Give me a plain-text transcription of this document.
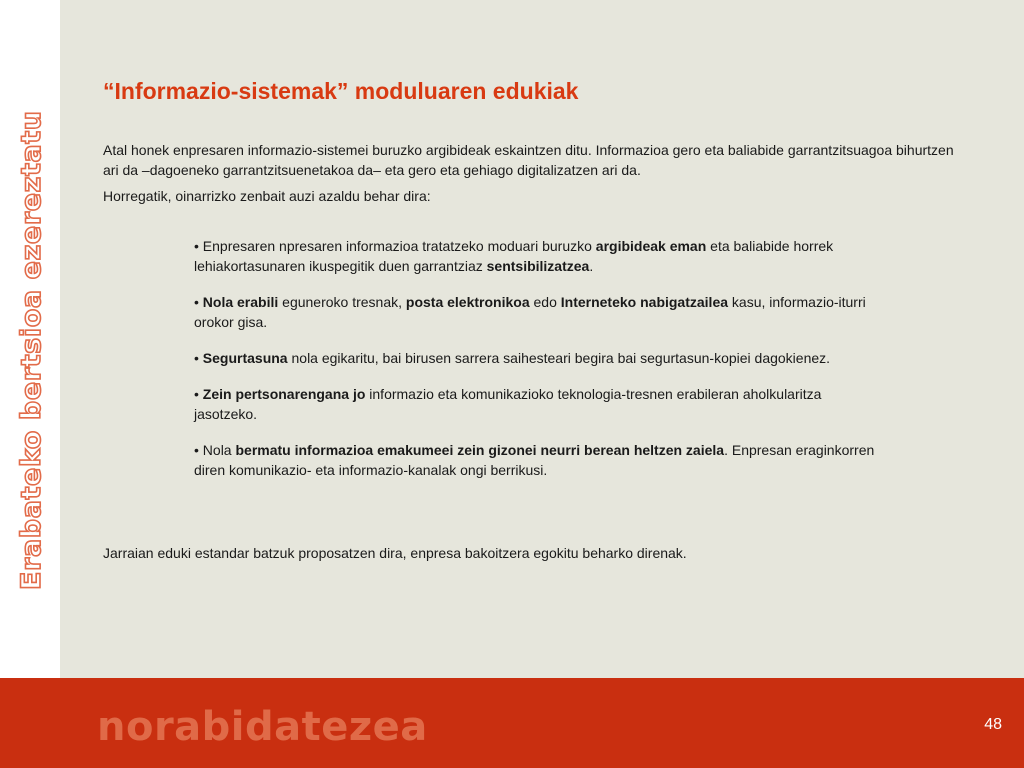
Erabateko bertsioa ezereztatu
“Informazio-sistemak” moduluaren edukiak

Atal honek enpresaren informazio-sistemei buruzko argibideak eskaintzen ditu. Informazioa gero eta baliabide garrantzitsuagoa bihurtzen ari da –dagoeneko garrantzitsuenetakoa da– eta gero eta gehiago digitalizatzen ari da.

Horregatik, oinarrizko zenbait auzi azaldu behar dira:

• Enpresaren npresaren informazioa tratatzeko moduari buruzko argibideak eman eta baliabide horrek lehiakortasunaren ikuspegitik duen garrantziaz sentsibilizatzea.
• Nola erabili eguneroko tresnak, posta elektronikoa edo Interneteko nabigatzailea kasu, informazio-iturri orokor gisa.
• Segurtasuna nola egikaritu, bai birusen sarrera saihesteari begira bai segurtasun-kopiei dagokienez.
• Zein pertsonarengana jo informazio eta komunikazioko teknologia-tresnen erabileran aholkularitza jasotzeko.
• Nola bermatu informazioa emakumeei zein gizonei neurri berean heltzen zaiela. Enpresan eraginkorren diren komunikazio- eta informazio-kanalak ongi berrikusi.

Jarraian eduki estandar batzuk proposatzen dira, enpresa bakoitzera egokitu beharko direnak.

norabidatezea	48
